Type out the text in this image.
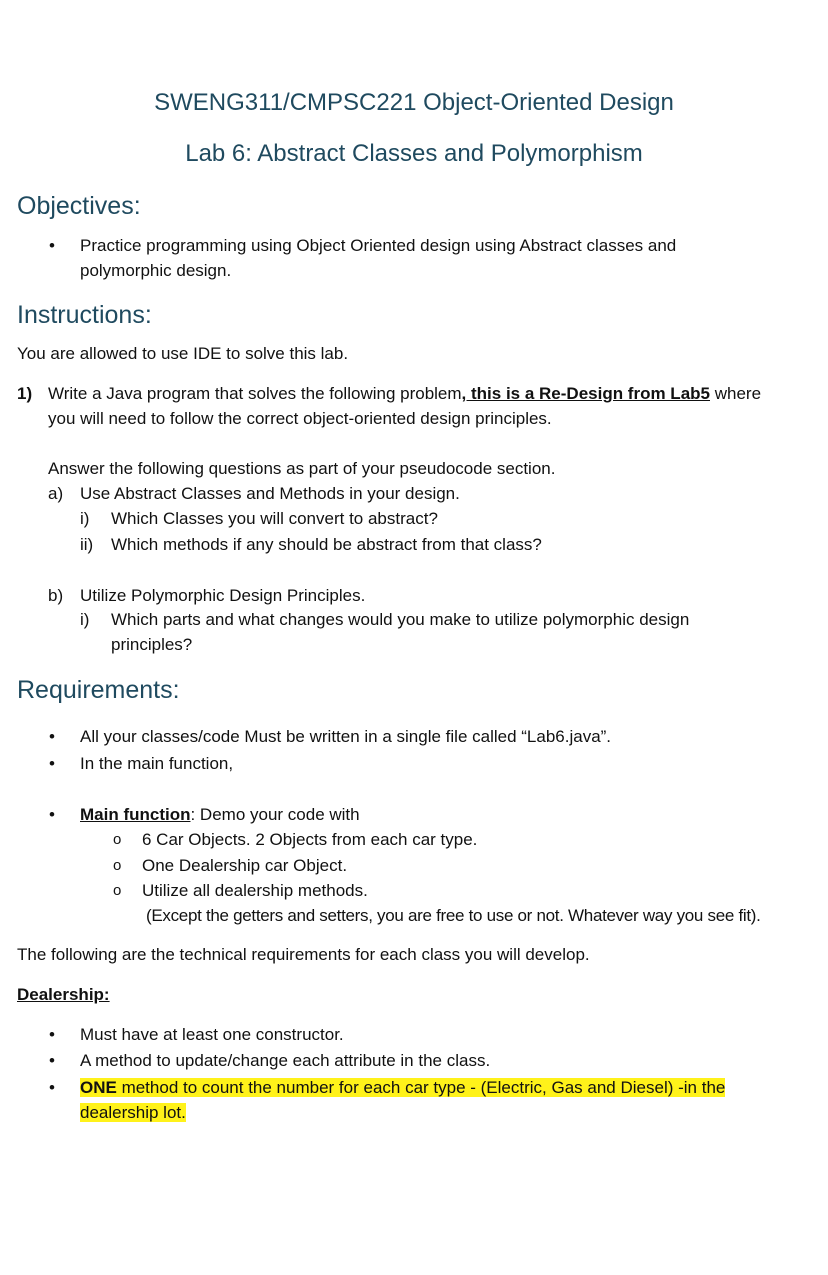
SWENG311/CMPSC221 Object-Oriented Design
Lab 6: Abstract Classes and Polymorphism
Objectives:
• Practice programming using Object Oriented design using Abstract classes and
polymorphic design.
Instructions:
You are allowed to use IDE to solve this lab.
1) Write a Java program that solves the following problem, this is a Re-Design from Lab5 where
you will need to follow the correct object-oriented design principles.
Answer the following questions as part of your pseudocode section.
a) Use Abstract Classes and Methods in your design.
i) Which Classes you will convert to abstract?
ii) Which methods if any should be abstract from that class?
b) Utilize Polymorphic Design Principles.
i) Which parts and what changes would you make to utilize polymorphic design
principles?
Requirements:
• All your classes/code Must be written in a single file called “Lab6.java”.
• In the main function,
• Main function: Demo your code with
o 6 Car Objects. 2 Objects from each car type.
o One Dealership car Object.
o Utilize all dealership methods.
(Except the getters and setters, you are free to use or not. Whatever way you see fit).
The following are the technical requirements for each class you will develop.
Dealership:
• Must have at least one constructor.
• A method to update/change each attribute in the class.
• ONE method to count the number for each car type - (Electric, Gas and Diesel) -in the
dealership lot.
